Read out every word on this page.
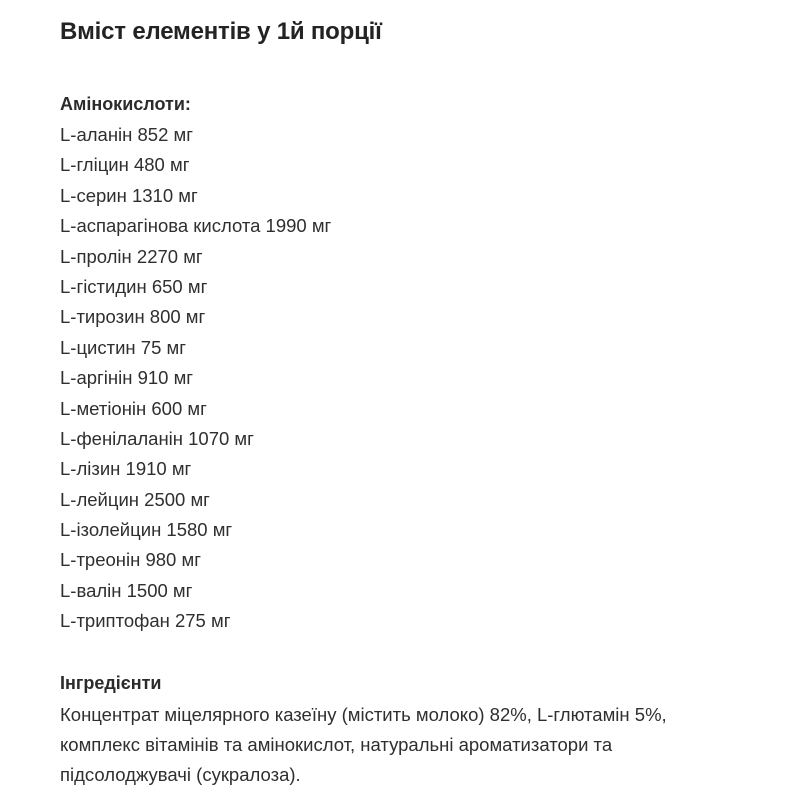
Вміст елементів у 1й порції
Амінокислоти:
L-аланін 852 мг
L-гліцин 480 мг
L-серин 1310 мг
L-аспарагінова кислота 1990 мг
L-пролін 2270 мг
L-гістидин 650 мг
L-тирозин 800 мг
L-цистин 75 мг
L-аргінін 910 мг
L-метіонін 600 мг
L-фенілаланін 1070 мг
L-лізин 1910 мг
L-лейцин 2500 мг
L-ізолейцин 1580 мг
L-треонін 980 мг
L-валін 1500 мг
L-триптофан 275 мг
Інгредієнти

Концентрат міцелярного казеїну (містить молоко) 82%, L-глютамін 5%,
комплекс вітамінів та амінокислот, натуральні ароматизатори та
підсолоджувачі (сукралоза).
